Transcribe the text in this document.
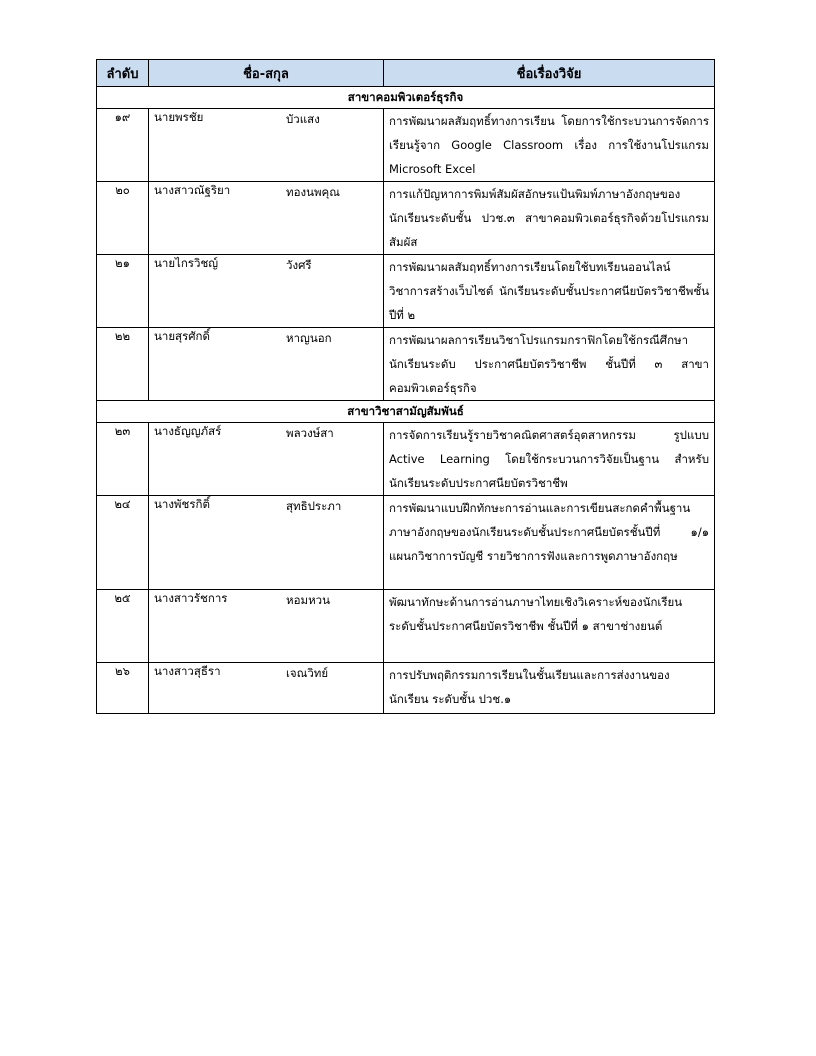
ลำดับ	ชื่อ-สกุล	ชื่อเรื่องวิจัย
สาขาคอมพิวเตอร์ธุรกิจ		
๑๙	นายพรชัย บัวแสง	การพัฒนาผลสัมฤทธิ์ทางการเรียน โดยการใช้กระบวนการจัดการเรียนรู้จาก Google Classroom เรื่อง การใช้งานโปรแกรม Microsoft Excel
๒๐	นางสาวณัฐริยา ทองนพคุณ	การแก้ปัญหาการพิมพ์สัมผัสอักษรแป้นพิมพ์ภาษาอังกฤษของนักเรียนระดับชั้น ปวช.๓ สาขาคอมพิวเตอร์ธุรกิจด้วยโปรแกรมสัมผัส
๒๑	นายไกรวิชญ์ วังศรี	การพัฒนาผลสัมฤทธิ์ทางการเรียนโดยใช้บทเรียนออนไลน์วิชาการสร้างเว็บไซต์ นักเรียนระดับชั้นประกาศนียบัตรวิชาชีพชั้นปีที่ ๒
๒๒	นายสุรศักดิ์ หาญนอก	การพัฒนาผลการเรียนวิชาโปรแกรมกราฟิกโดยใช้กรณีศึกษานักเรียนระดับ ประกาศนียบัตรวิชาชีพ ชั้นปีที่ ๓ สาขาคอมพิวเตอร์ธุรกิจ
สาขาวิชาสามัญสัมพันธ์		
๒๓	นางธัญญภัสร์ พลวงษ์สา	การจัดการเรียนรู้รายวิชาคณิตศาสตร์อุตสาหกรรม รูปแบบ Active Learning โดยใช้กระบวนการวิจัยเป็นฐาน สำหรับนักเรียนระดับประกาศนียบัตรวิชาชีพ
๒๔	นางพัชรกิติ์ สุทธิประภา	การพัฒนาแบบฝึกทักษะการอ่านและการเขียนสะกดคำพื้นฐานภาษาอังกฤษของนักเรียนระดับชั้นประกาศนียบัตรชั้นปีที่ ๑/๑ แผนกวิชาการบัญชี รายวิชาการฟังและการพูดภาษาอังกฤษ
๒๕	นางสาวรัชการ หอมหวน	พัฒนาทักษะด้านการอ่านภาษาไทยเชิงวิเคราะห์ของนักเรียนระดับชั้นประกาศนียบัตรวิชาชีพ ชั้นปีที่ ๑ สาขาช่างยนต์
๒๖	นางสาวสุธีรา เจณวิทย์	การปรับพฤติกรรมการเรียนในชั้นเรียนและการส่งงานของนักเรียน ระดับชั้น ปวช.๑
